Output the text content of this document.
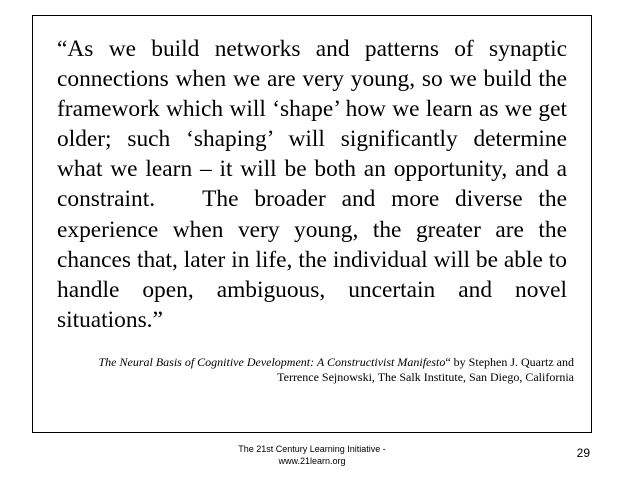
“As we build networks and patterns of synaptic connections when we are very young, so we build the framework which will ‘shape’ how we learn as we get older; such ‘shaping’ will significantly determine what we learn – it will be both an opportunity, and a constraint.   The broader and more diverse the experience when very young, the greater are the chances that, later in life, the individual will be able to handle open, ambiguous, uncertain and novel situations.”

The Neural Basis of Cognitive Development: A Constructivist Manifesto“ by Stephen J. Quartz and Terrence Sejnowski, The Salk Institute, San Diego, California

The 21st Century Learning Initiative -
www.21learn.org
29
